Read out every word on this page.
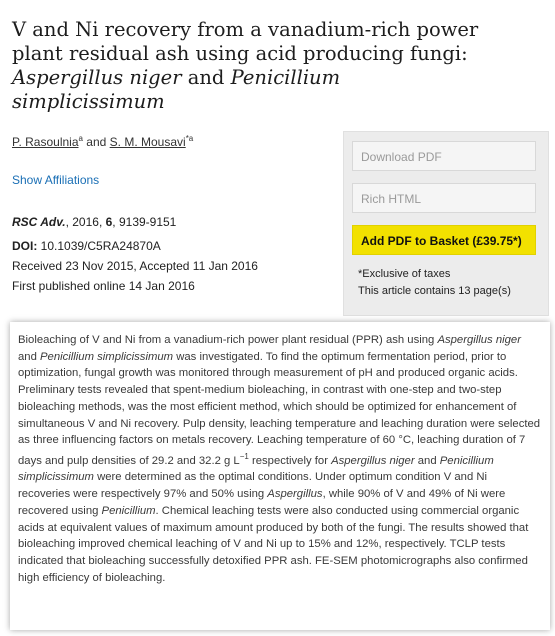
V and Ni recovery from a vanadium-rich power
plant residual ash using acid producing fungi:
Aspergillus niger and Penicillium
simplicissimum
P. Rasoulnia$^a$ and S. M. Mousavi$^{*a}$
Show Affiliations
RSC Adv., 2016, 6, 9139-9151
DOI: 10.1039/C5RA24870A
Received 23 Nov 2015, Accepted 11 Jan 2016
First published online 14 Jan 2016
Download PDF
Rich HTML
Add PDF to Basket (£39.75*)
*Exclusive of taxes
This article contains 13 page(s)

Bioleaching of V and Ni from a vanadium-rich power plant residual (PPR) ash using Aspergillus niger and Penicillium simplicissimum was investigated. To find the optimum fermentation period, prior to optimization, fungal growth was monitored through measurement of pH and produced organic acids. Preliminary tests revealed that spent-medium bioleaching, in contrast with one-step and two-step bioleaching methods, was the most efficient method, which should be optimized for enhancement of simultaneous V and Ni recovery. Pulp density, leaching temperature and leaching duration were selected as three influencing factors on metals recovery. Leaching temperature of 60 °C, leaching duration of 7 days and pulp densities of 29.2 and 32.2 g $L^{-1}$ respectively for Aspergillus niger and Penicillium simplicissimum were determined as the optimal conditions. Under optimum condition V and Ni recoveries were respectively 97% and 50% using Aspergillus, while 90% of V and 49% of Ni were recovered using Penicillium. Chemical leaching tests were also conducted using commercial organic acids at equivalent values of maximum amount produced by both of the fungi. The results showed that bioleaching improved chemical leaching of V and Ni up to 15% and 12%, respectively. TCLP tests indicated that bioleaching successfully detoxified PPR ash. FE-SEM photomicrographs also confirmed high efficiency of bioleaching.
